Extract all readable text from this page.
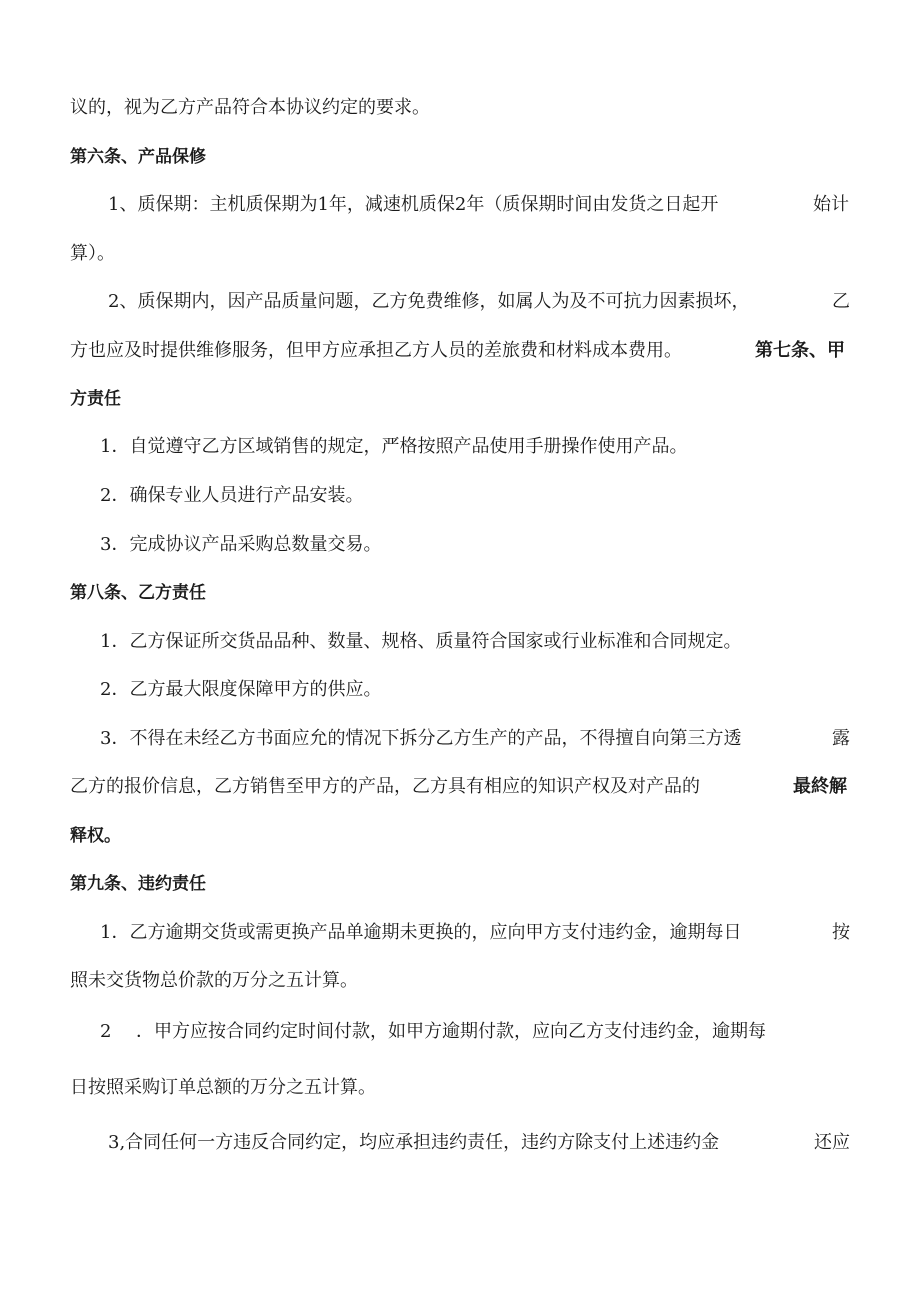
议的，视为乙方产品符合本协议约定的要求。
第六条、产品保修
1、质保期：主机质保期为1年，减速机质保2年（质保期时间由发货之日起开	始计
算）。
2、质保期内，因产品质量问题，乙方免费维修，如属人为及不可抗力因素损坏，	乙
方也应及时提供维修服务，但甲方应承担乙方人员的差旅费和材料成本费用。	第七条、甲
方责任
1．自觉遵守乙方区域销售的规定，严格按照产品使用手册操作使用产品。
2．确保专业人员进行产品安装。
3．完成协议产品采购总数量交易。
第八条、乙方责任
1．乙方保证所交货品品种、数量、规格、质量符合国家或行业标准和合同规定。
2．乙方最大限度保障甲方的供应。
3．不得在未经乙方书面应允的情况下拆分乙方生产的产品，不得擅自向第三方透	露
乙方的报价信息，乙方销售至甲方的产品，乙方具有相应的知识产权及对产品的	最終解
释权。
第九条、违约责任
1．乙方逾期交货或需更换产品单逾期未更换的，应向甲方支付违约金，逾期每日	按
照未交货物总价款的万分之五计算。
2 ．甲方应按合同约定时间付款，如甲方逾期付款，应向乙方支付违约金，逾期每
日按照采购订单总额的万分之五计算。
3,合同任何一方违反合同约定，均应承担违约责任，违约方除支付上述违约金	还应
